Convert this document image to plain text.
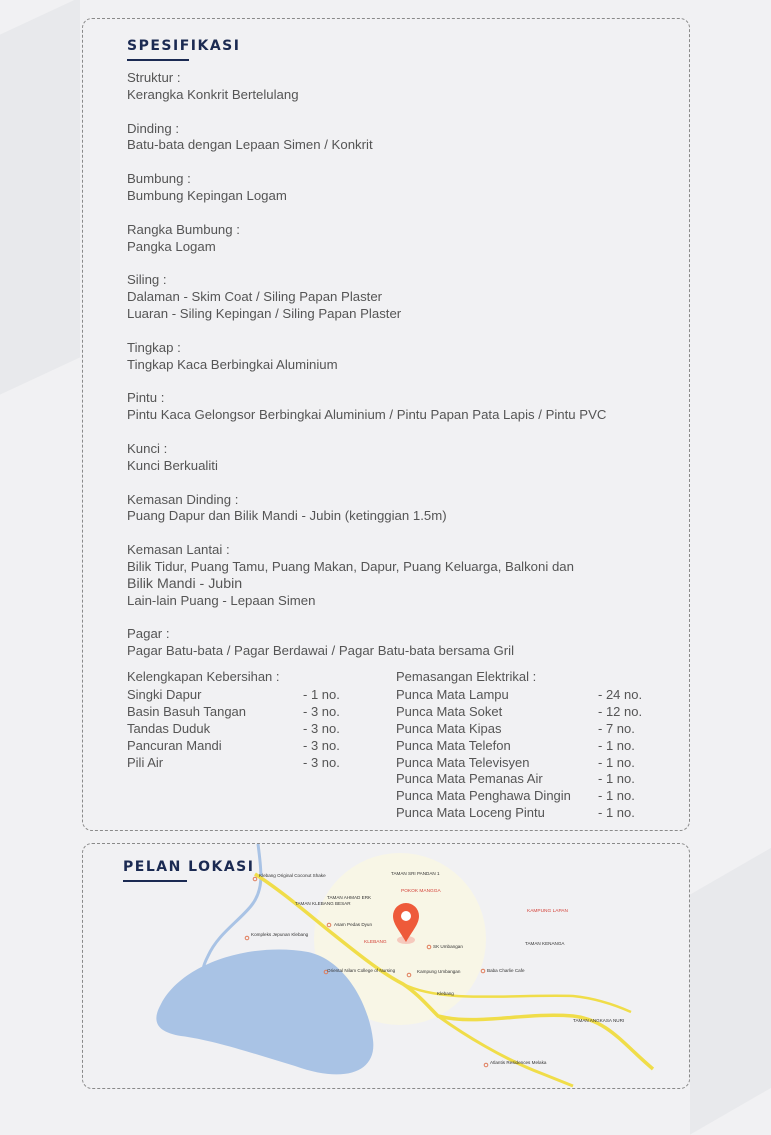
SPESIFIKASI
Struktur :
Kerangka Konkrit Bertelulang
Dinding :
Batu-bata dengan Lepaan Simen / Konkrit
Bumbung :
Bumbung Kepingan Logam
Rangka Bumbung :
Pangka Logam
Siling :
Dalaman - Skim Coat / Siling Papan Plaster
Luaran - Siling Kepingan / Siling Papan Plaster
Tingkap :
Tingkap Kaca Berbingkai Aluminium
Pintu :
Pintu Kaca Gelongsor Berbingkai Aluminium / Pintu Papan Pata Lapis / Pintu PVC
Kunci :
Kunci Berkualiti
Kemasan Dinding :
Puang Dapur dan Bilik Mandi - Jubin (ketinggian 1.5m)
Kemasan Lantai :
Bilik Tidur, Puang Tamu, Puang Makan, Dapur, Puang Keluarga, Balkoni dan
Bilik Mandi - Jubin
Lain-lain Puang - Lepaan Simen
Pagar :
Pagar Batu-bata / Pagar Berdawai / Pagar Batu-bata bersama Gril
Kelengkapan Kebersihan :
Singki Dapur	- 1 no.
Basin Basuh Tangan	- 3 no.
Tandas Duduk	- 3 no.
Pancuran Mandi	- 3 no.
Pili Air	- 3 no.
Pemasangan Elektrikal :
Punca Mata Lampu	- 24 no.
Punca Mata Soket	- 12 no.
Punca Mata Kipas	- 7 no.
Punca Mata Telefon	- 1 no.
Punca Mata Televisyen	- 1 no.
Punca Mata Pemanas Air	- 1 no.
Punca Mata Penghawa Dingin	- 1 no.
Punca Mata Loceng Pintu	- 1 no.
Klebang Original Coconut Shake
TAMAN KLEBANG BESAR
TAMAN AHMAD ERK
TAMAN SRI PANDAN 1
Kompleks Jepunan Klebang
Asam Pedas Dyun
SK Umbangan
TAMAN KENANGA
Oriental Nilam College of Nursing	Kampung Umbangan	Baba Charlie Cafe
Klebang
TAMAN ANGKASA NURI
Atlantis Residences Melaka
POKOK MANGGA
KAMPUNG LAPAN
KLEBANG
PELAN LOKASI
